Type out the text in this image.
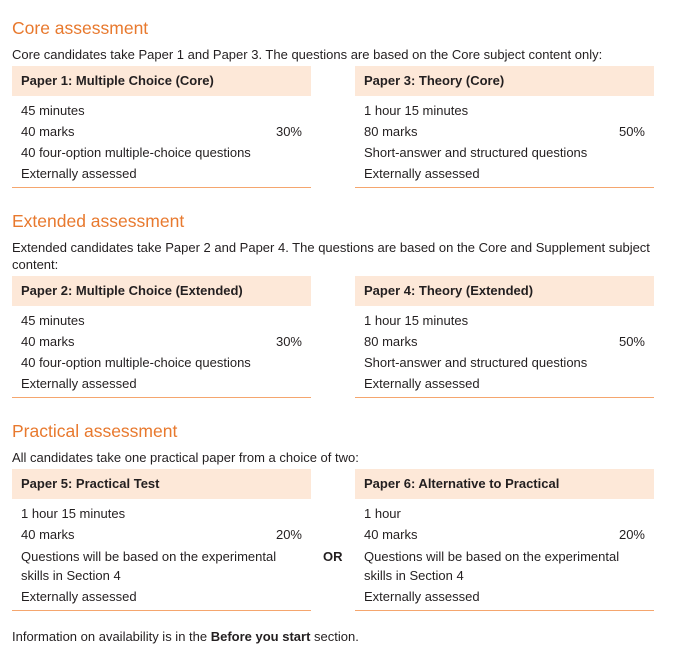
Core assessment

Core candidates take Paper 1 and Paper 3. The questions are based on the Core subject content only:

Paper 1: Multiple Choice (Core)
45 minutes
40 marks	30%
40 four-option multiple-choice questions
Externally assessed
Paper 3: Theory (Core)
1 hour 15 minutes
80 marks	50%
Short-answer and structured questions
Externally assessed
Extended assessment

Extended candidates take Paper 2 and Paper 4. The questions are based on the Core and Supplement subject content:

Paper 2: Multiple Choice (Extended)
45 minutes
40 marks	30%
40 four-option multiple-choice questions
Externally assessed
Paper 4: Theory (Extended)
1 hour 15 minutes
80 marks	50%
Short-answer and structured questions
Externally assessed
Practical assessment

All candidates take one practical paper from a choice of two:

Paper 5: Practical Test
1 hour 15 minutes
40 marks	20%
Questions will be based on the experimental skills in Section 4
Externally assessed
OR
Paper 6: Alternative to Practical
1 hour
40 marks	20%
Questions will be based on the experimental skills in Section 4
Externally assessed

Information on availability is in the Before you start section.
